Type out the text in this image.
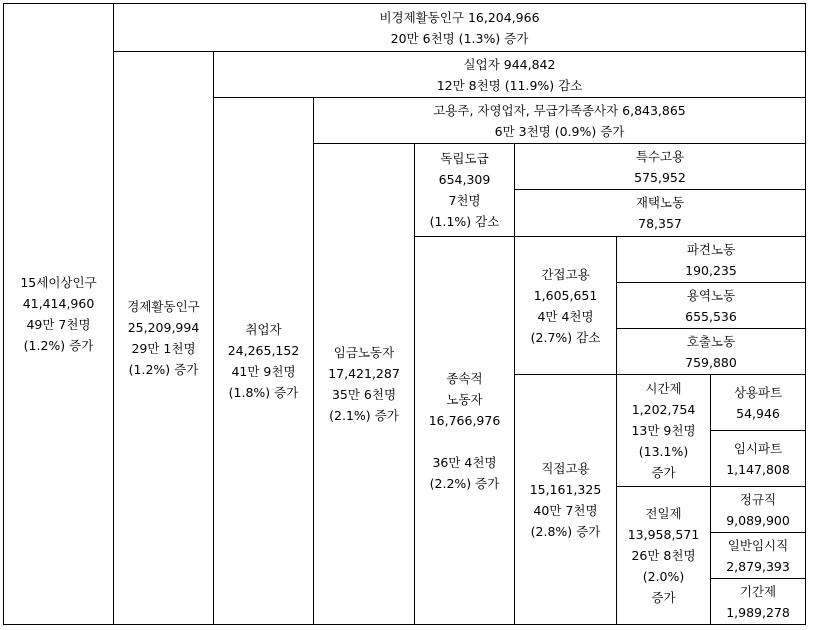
15세이상인구
41,414,960
49만 7천명
(1.2%) 증가
비경제활동인구 16,204,966
20만 6천명 (1.3%) 증가
경제활동인구
25,209,994
29만 1천명
(1.2%) 증가
실업자 944,842
12만 8천명 (11.9%) 감소
취업자
24,265,152
41만 9천명
(1.8%) 증가
고용주, 자영업자, 무급가족종사자 6,843,865
6만 3천명 (0.9%) 증가
임금노동자
17,421,287
35만 6천명
(2.1%) 증가
독립도급
654,309
7천명
(1.1%) 감소
특수고용
575,952
재택노동
78,357
종속적
노동자
16,766,976
36만 4천명
(2.2%) 증가
간접고용
1,605,651
4만 4천명
(2.7%) 감소
파견노동
190,235
용역노동
655,536
호출노동
759,880
직접고용
15,161,325
40만 7천명
(2.8%) 증가
시간제
1,202,754
13만 9천명
(13.1%)
증가
상용파트
54,946
임시파트
1,147,808
전일제
13,958,571
26만 8천명
(2.0%)
증가
정규직
9,089,900
일반임시직
2,879,393
기간제
1,989,278
